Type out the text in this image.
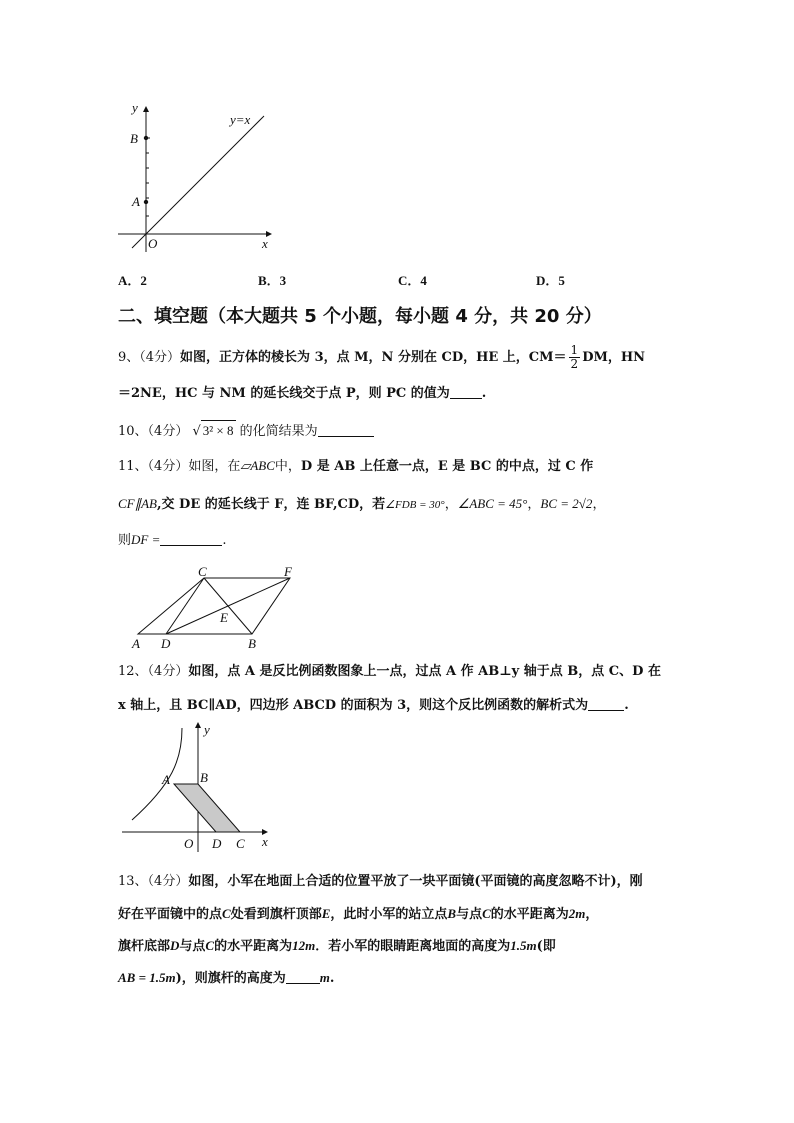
y
x
O
y=x
B
A
A．2	B．3	C．4	D．5
二、填空题（本大题共 5 个小题，每小题 4 分，共 20 分）
9、（4分）如图，正方体的棱长为 3，点 M，N 分别在 CD，HE 上，$CM= \frac{1}{2}$ DM，HN
＝2NE，HC 与 NM 的延长线交于点 P，则 PC 的值为 .
10、（4分） √ 3² × 8 的化简结果为
11、（4分）如图，在▱ABC中，D 是 AB 上任意一点，E 是 BC 的中点，过 C 作
CF∥AB,交 DE 的延长线于 F，连 BF,CD，若∠FDB = 30°，∠ABC = 45°，BC = 2√2，
则DF =	.
A D	B
C	F
E
12、（4分）如图，点 A 是反比例函数图象上一点，过点 A 作 AB⊥y 轴于点 B，点 C、D 在
x 轴上，且 BC∥AD，四边形 ABCD 的面积为 3，则这个反比例函数的解析式为	.
y
x
A B
O D C
13、（4分）如图，小军在地面上合适的位置平放了一块平面镜(平面镜的高度忽略不计)，刚
好在平面镜中的点C处看到旗杆顶部E，此时小军的站立点B与点C的水平距离为2m，
旗杆底部D与点C的水平距离为12m．若小军的眼睛距离地面的高度为1.5m(即
AB = 1.5m)，则旗杆的高度为	m.
